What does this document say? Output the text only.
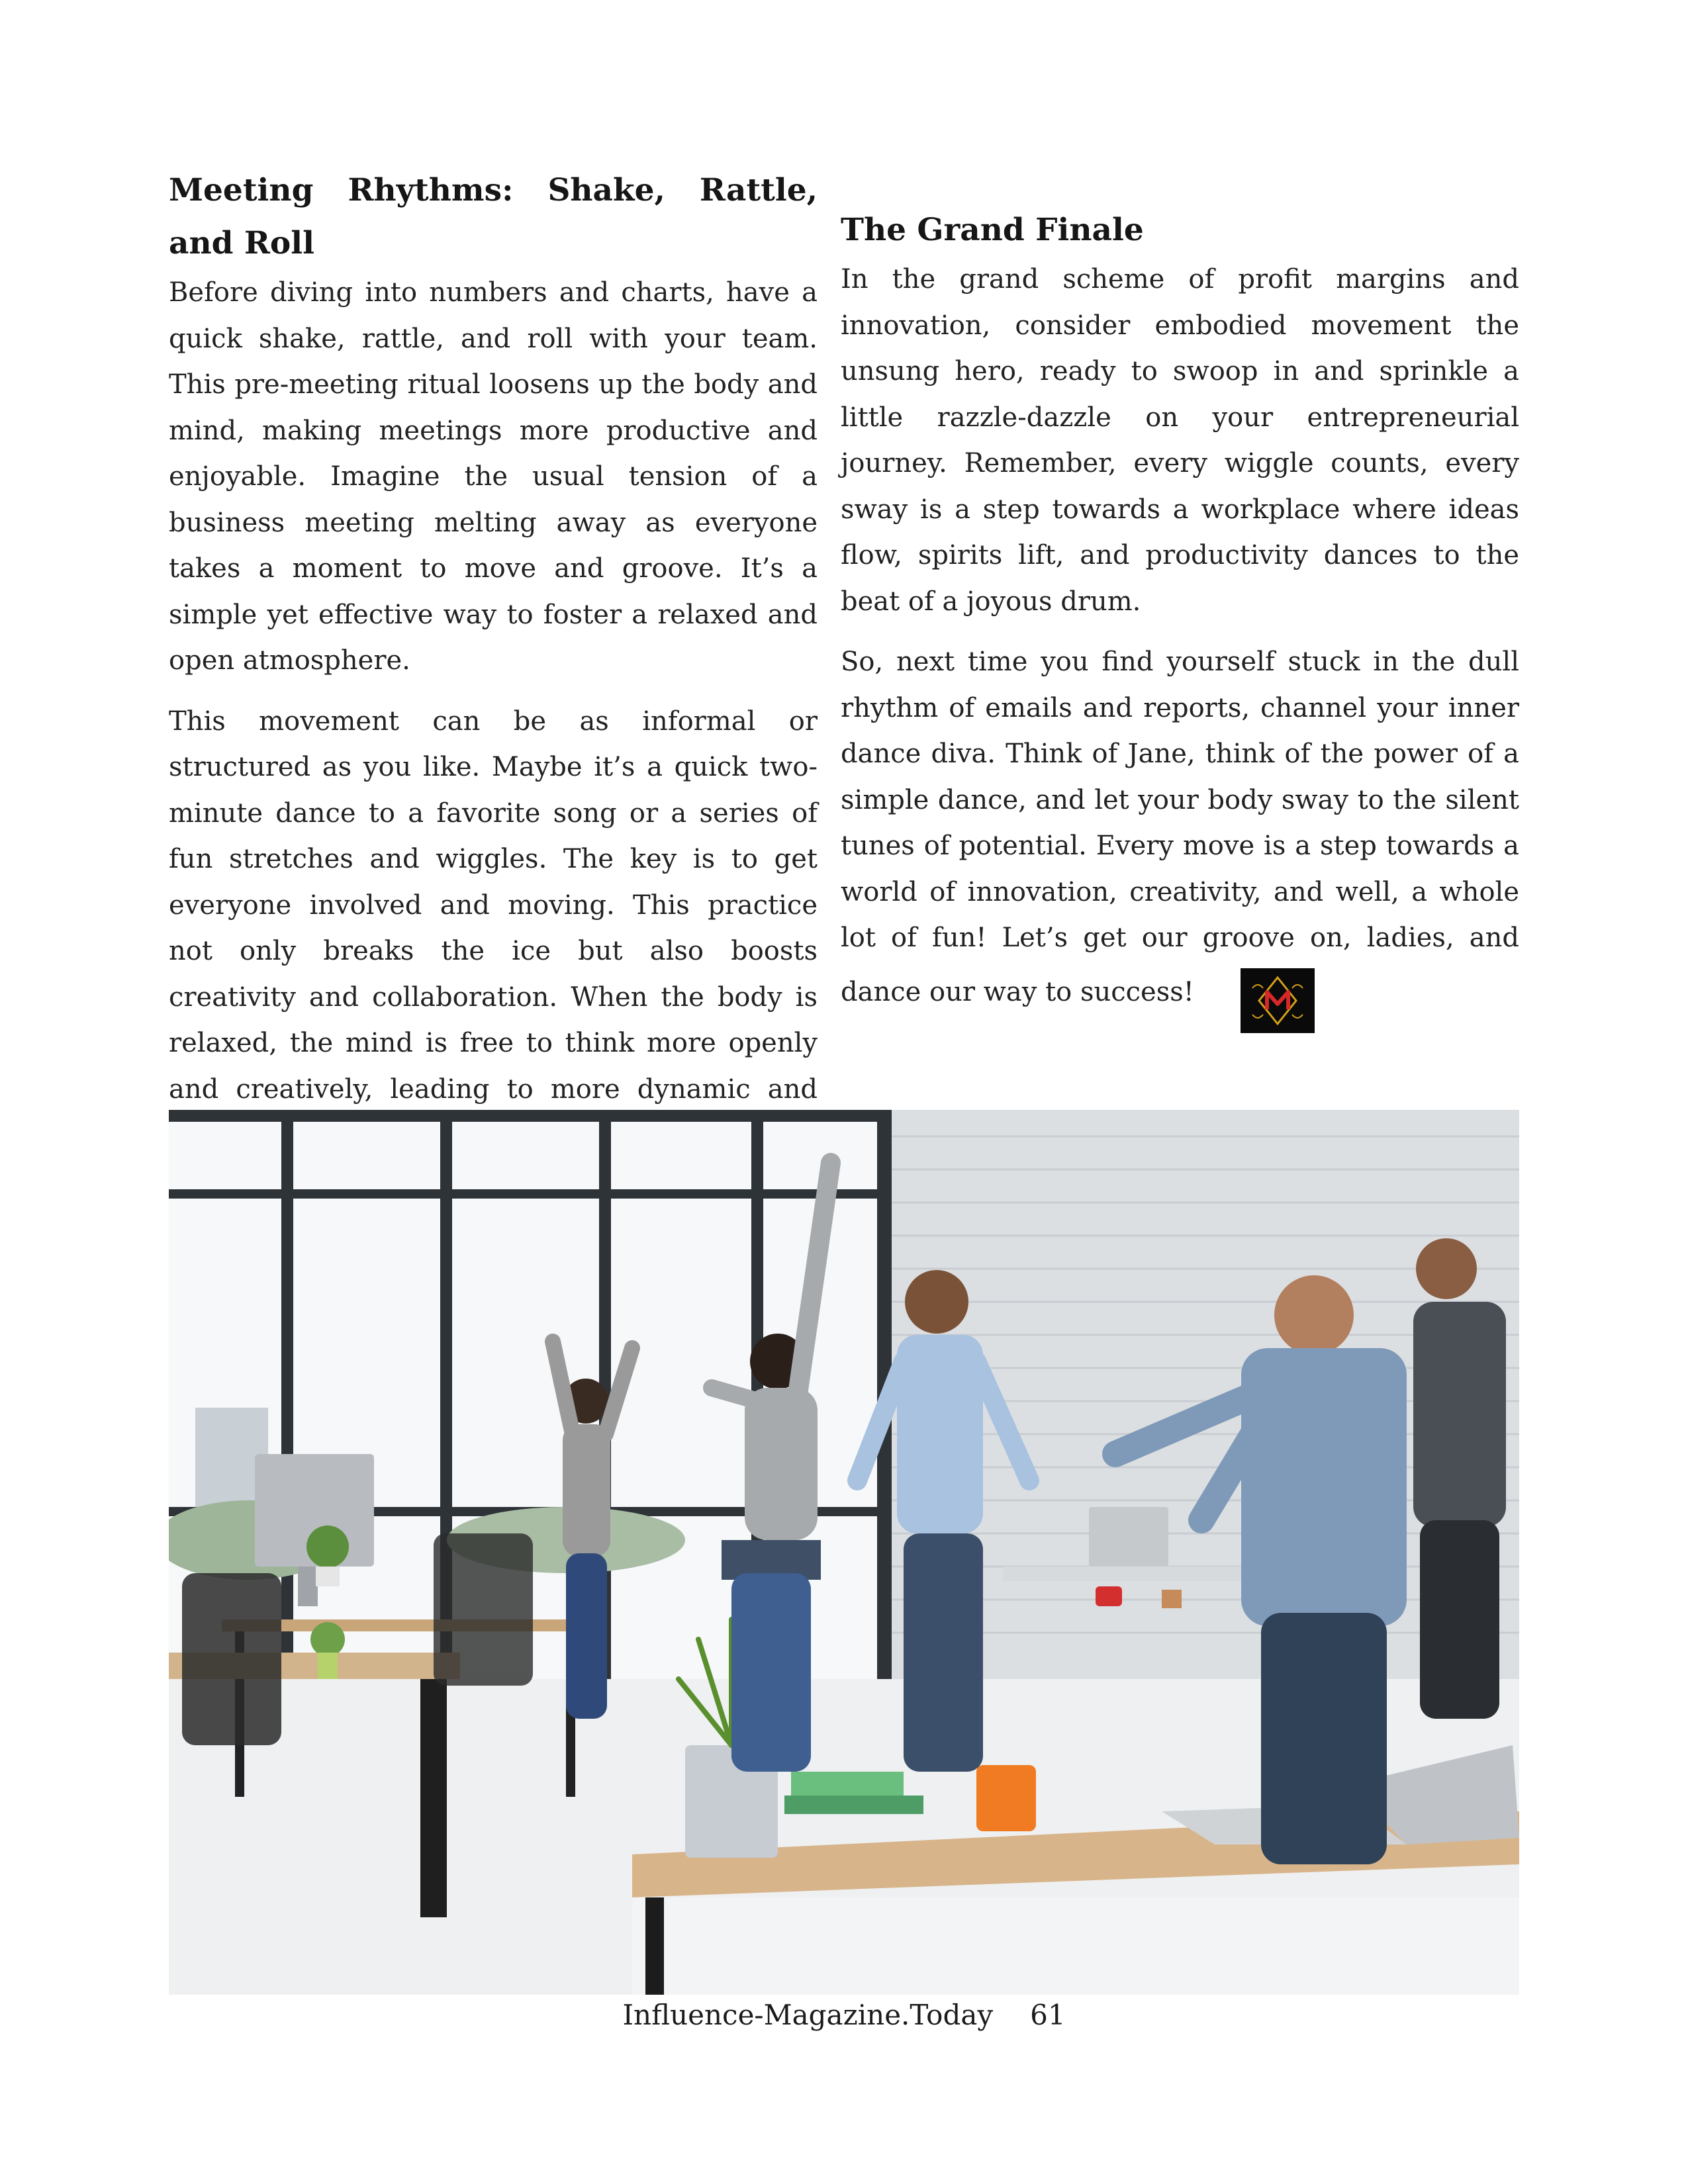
Meeting Rhythms: Shake, Rattle, and Roll

Before diving into numbers and charts, have a quick shake, rattle, and roll with your team. This pre-meeting ritual loosens up the body and mind, making meetings more productive and enjoyable. Imagine the usual tension of a business meeting melting away as everyone takes a moment to move and groove. It’s a simple yet effective way to foster a relaxed and open atmosphere.

This movement can be as informal or structured as you like. Maybe it’s a quick two-minute dance to a favorite song or a series of fun stretches and wiggles. The key is to get everyone involved and moving. This practice not only breaks the ice but also boosts creativity and collaboration. When the body is relaxed, the mind is free to think more openly and creatively, leading to more dynamic and

The Grand Finale

In the grand scheme of profit margins and innovation, consider embodied movement the unsung hero, ready to swoop in and sprinkle a little razzle-dazzle on your entrepreneurial journey. Remember, every wiggle counts, every sway is a step towards a workplace where ideas flow, spirits lift, and productivity dances to the beat of a joyous drum.

So, next time you find yourself stuck in the dull rhythm of emails and reports, channel your inner dance diva. Think of Jane, think of the power of a simple dance, and let your body sway to the silent tunes of potential. Every move is a step towards a world of innovation, creativity, and well, a whole lot of fun! Let’s get our groove on, ladies, and dance our way to success!

Influence-Magazine.Today 61
